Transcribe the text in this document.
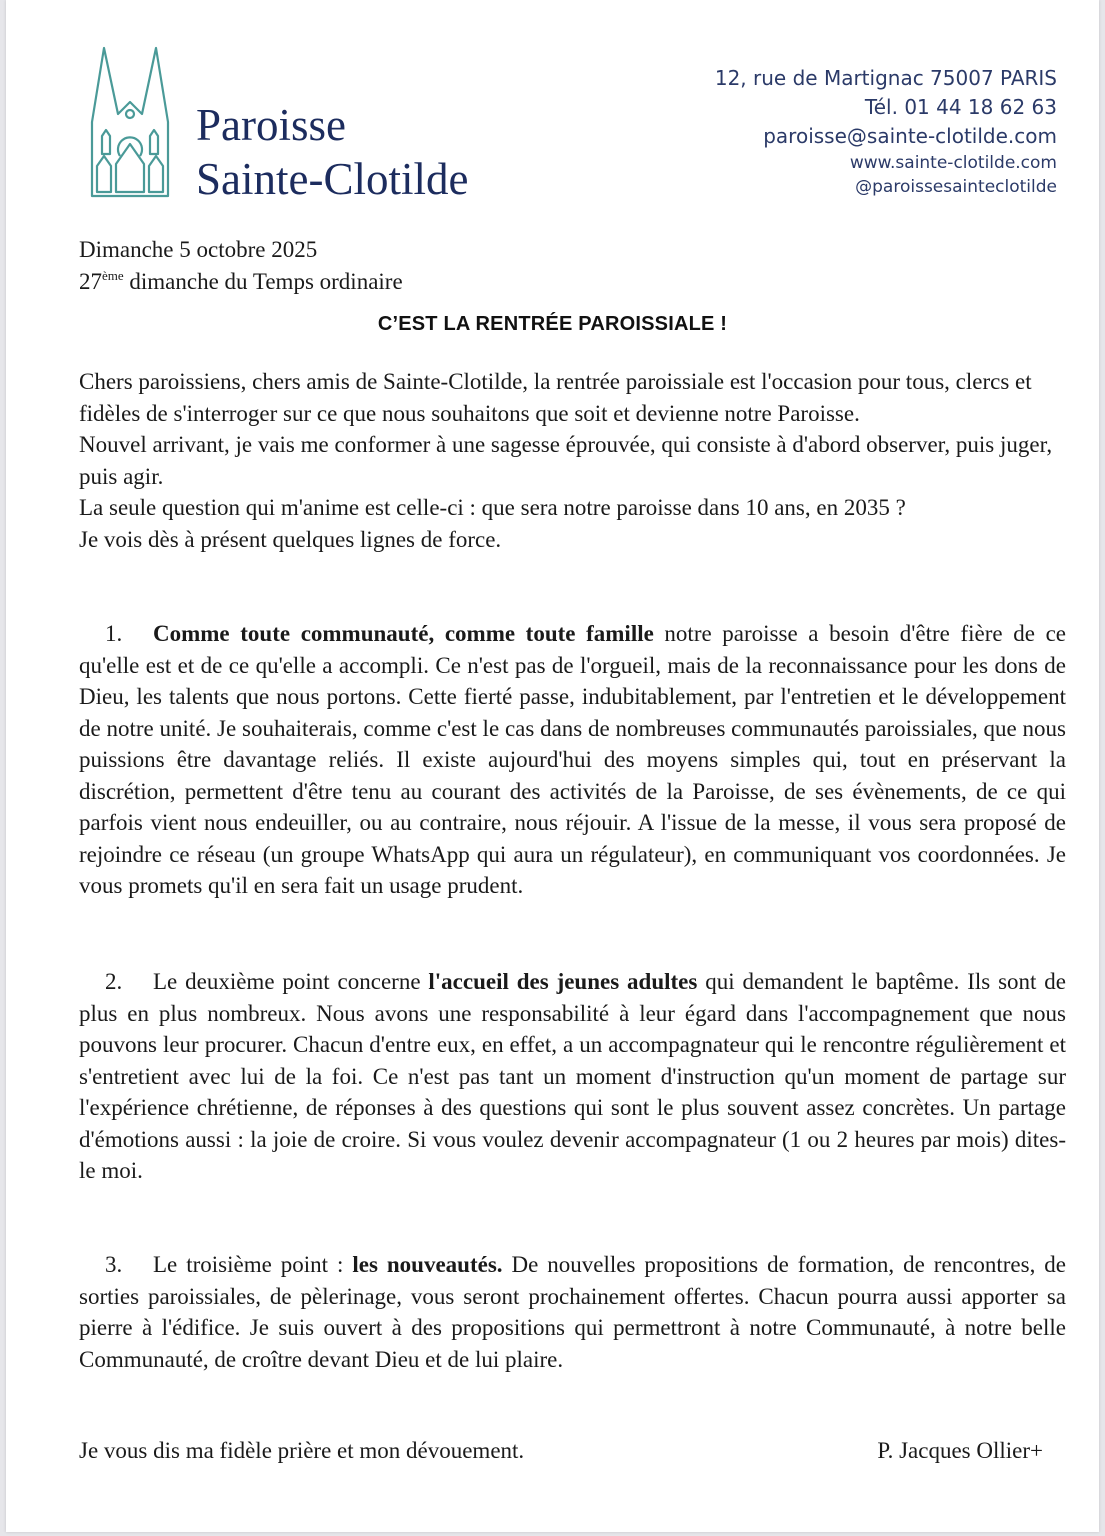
Paroisse
Sainte-Clotilde
12, rue de Martignac 75007 PARIS
Tél. 01 44 18 62 63
paroisse@sainte-clotilde.com
www.sainte-clotilde.com
@paroissesainteclotilde
Dimanche 5 octobre 2025
27ème dimanche du Temps ordinaire
C’EST LA RENTRÉE PAROISSIALE !

Chers paroissiens, chers amis de Sainte-Clotilde, la rentrée paroissiale est l'occasion pour tous, clercs et fidèles de s'interroger sur ce que nous souhaitons que soit et devienne notre Paroisse.

Nouvel arrivant, je vais me conformer à une sagesse éprouvée, qui consiste à d'abord observer, puis juger, puis agir.

La seule question qui m'anime est celle-ci : que sera notre paroisse dans 10 ans, en 2035 ?

Je vois dès à présent quelques lignes de force.

1. Comme toute communauté, comme toute famille notre paroisse a besoin d'être fière de ce qu'elle est et de ce qu'elle a accompli. Ce n'est pas de l'orgueil, mais de la reconnaissance pour les dons de Dieu, les talents que nous portons. Cette fierté passe, indubitablement, par l'entretien et le développement de notre unité. Je souhaiterais, comme c'est le cas dans de nombreuses communautés paroissiales, que nous puissions être davantage reliés. Il existe aujourd'hui des moyens simples qui, tout en préservant la discrétion, permettent d'être tenu au courant des activités de la Paroisse, de ses évènements, de ce qui parfois vient nous endeuiller, ou au contraire, nous réjouir. A l'issue de la messe, il vous sera proposé de rejoindre ce réseau (un groupe WhatsApp qui aura un régulateur), en communiquant vos coordonnées. Je vous promets qu'il en sera fait un usage prudent.
2. Le deuxième point concerne l'accueil des jeunes adultes qui demandent le baptême. Ils sont de plus en plus nombreux. Nous avons une responsabilité à leur égard dans l'accompagnement que nous pouvons leur procurer. Chacun d'entre eux, en effet, a un accompagnateur qui le rencontre régulièrement et s'entretient avec lui de la foi. Ce n'est pas tant un moment d'instruction qu'un moment de partage sur l'expérience chrétienne, de réponses à des questions qui sont le plus souvent assez concrètes. Un partage d'émotions aussi : la joie de croire. Si vous voulez devenir accompagnateur (1 ou 2 heures par mois) dites-le moi.
3. Le troisième point : les nouveautés. De nouvelles propositions de formation, de rencontres, de sorties paroissiales, de pèlerinage, vous seront prochainement offertes. Chacun pourra aussi apporter sa pierre à l'édifice. Je suis ouvert à des propositions qui permettront à notre Communauté, à notre belle Communauté, de croître devant Dieu et de lui plaire.
Je vous dis ma fidèle prière et mon dévouement.	P. Jacques Ollier+
